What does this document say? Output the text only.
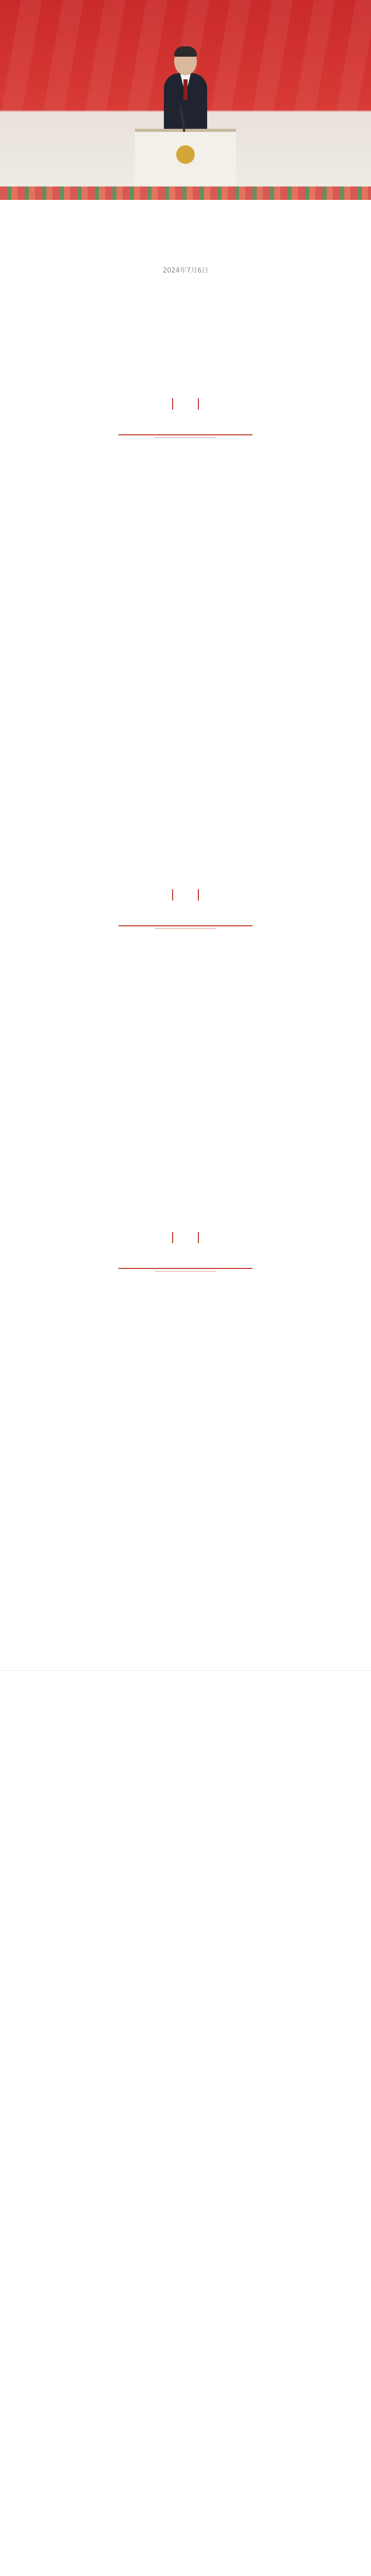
2024年7月6日
